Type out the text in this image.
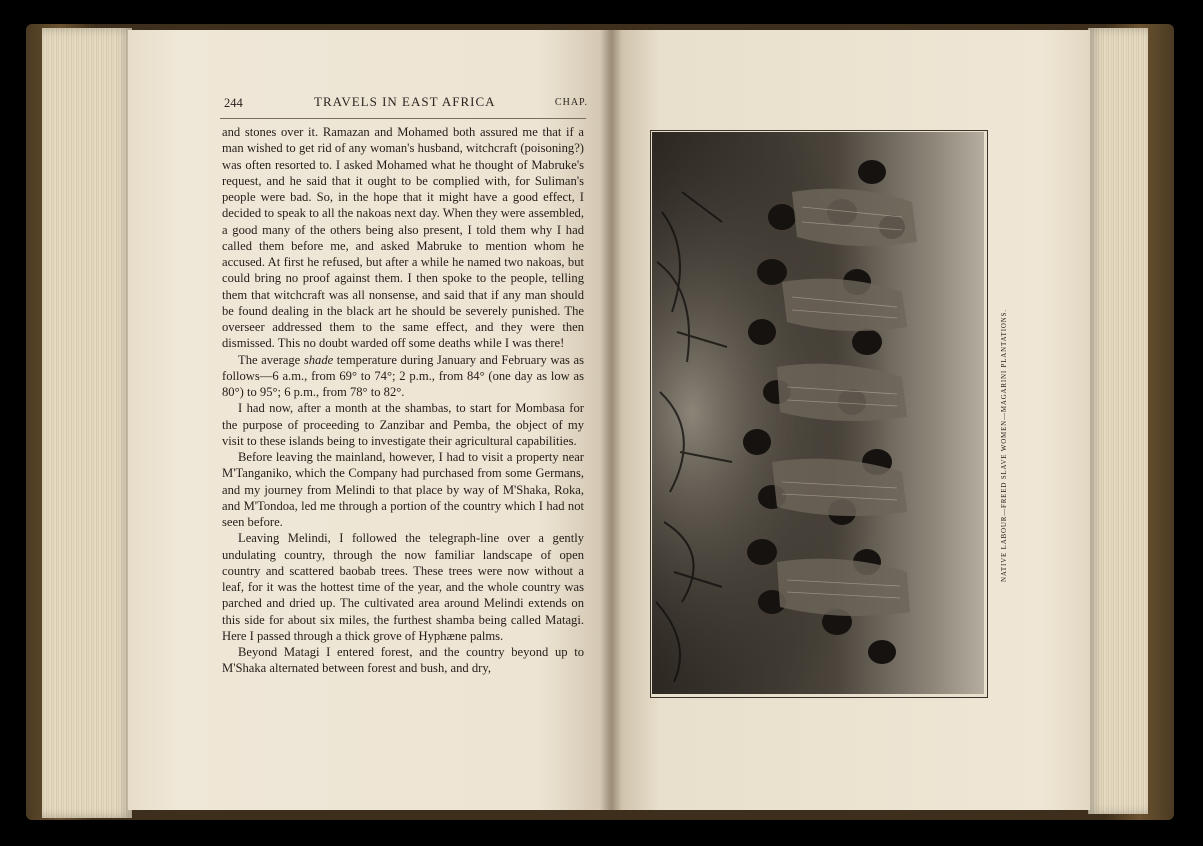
244	TRAVELS IN EAST AFRICA	CHAP.

and stones over it. Ramazan and Mohamed both assured me that if a man wished to get rid of any woman's husband, witchcraft (poisoning?) was often resorted to. I asked Mohamed what he thought of Mabruke's request, and he said that it ought to be complied with, for Suliman's people were bad. So, in the hope that it might have a good effect, I decided to speak to all the nakoas next day. When they were assembled, a good many of the others being also present, I told them why I had called them before me, and asked Mabruke to mention whom he accused. At first he refused, but after a while he named two nakoas, but could bring no proof against them. I then spoke to the people, telling them that witchcraft was all nonsense, and said that if any man should be found dealing in the black art he should be severely punished. The overseer addressed them to the same effect, and they were then dismissed. This no doubt warded off some deaths while I was there!

The average shade temperature during January and February was as follows—6 a.m., from 69° to 74°; 2 p.m., from 84° (one day as low as 80°) to 95°; 6 p.m., from 78° to 82°.

I had now, after a month at the shambas, to start for Mombasa for the purpose of proceeding to Zanzibar and Pemba, the object of my visit to these islands being to investigate their agricultural capabilities.

Before leaving the mainland, however, I had to visit a property near M'Tanganiko, which the Company had purchased from some Germans, and my journey from Melindi to that place by way of M'Shaka, Roka, and M'Tondoa, led me through a portion of the country which I had not seen before.

Leaving Melindi, I followed the telegraph-line over a gently undulating country, through the now familiar landscape of open country and scattered baobab trees. These trees were now without a leaf, for it was the hottest time of the year, and the whole country was parched and dried up. The cultivated area around Melindi extends on this side for about six miles, the furthest shamba being called Matagi. Here I passed through a thick grove of Hyphæne palms.

Beyond Matagi I entered forest, and the country beyond up to M'Shaka alternated between forest and bush, and dry,
